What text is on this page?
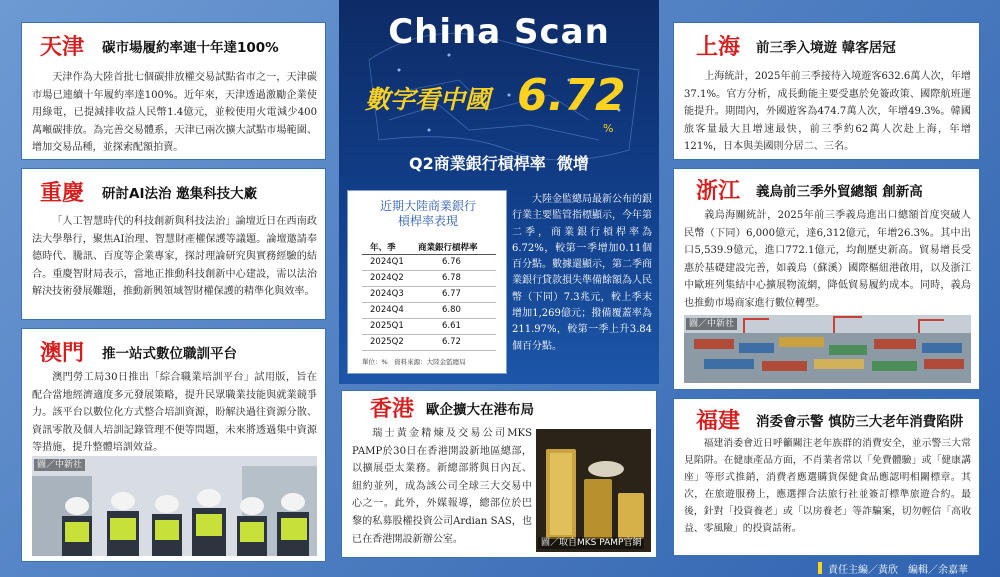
天津 碳市場履約率連十年達100%
天津作為大陸首批七個碳排放權交易試點省市之一，天津碳市場已連續十年履約率達100%。近年來，天津透過激勵企業使用綠電，已提減排收益人民幣1.4億元，並較使用火電減少400萬噸碳排放。為完善交易體系，天津已兩次擴大試點市場範圍、增加交易品種，並探索配額拍賣。
重慶 研討AI法治 邀集科技大廠
「人工智慧時代的科技創新與科技法治」論壇近日在西南政法大學舉行，聚焦AI治理、智慧財產權保護等議題。論壇邀請奉德時代、騰訊、百度等企業專家，探討理論研究與實務經驗的結合。重慶智財局表示，當地正推動科技創新中心建設，需以法治解決技術發展難題，推動新興領域智財權保護的精準化與效率。
澳門 推一站式數位職訓平台
澳門勞工局30日推出「綜合職業培訓平台」試用版，旨在配合當地經濟適度多元發展策略，提升民眾職業技能與就業競爭力。該平台以數位化方式整合培訓資源，盼解決過往資源分散、資訊零散及個人培訓記錄管理不便等問題，未來將透過集中資源等措施，提升整體培訓效益。
圖／中新社
China Scan
數字看中國 6.72
%
Q2商業銀行槓桿率  微增
大陸金監總局最新公布的銀行業主要監管指標顯示，今年第二季，商業銀行槓桿率為6.72%，較第一季增加0.11個百分點。數據還顯示，第二季商業銀行貸款損失準備餘額為人民幣（下同）7.3兆元，較上季末增加1,269億元；撥備覆蓋率為211.97%，較第一季上升3.84個百分點。
近期大陸商業銀行
槓桿率表現
年、季	商業銀行槓桿率
單位：%　資料來源：大陸金監總局
2024Q1	6.76
2024Q2	6.78
2024Q3	6.77
2024Q4	6.80
2025Q1	6.61
2025Q2	6.72
香港 歐企擴大在港布局
瑞士黃金精煉及交易公司MKS PAMP於30日在香港開設新地區總部，以擴展亞太業務。新總部將與日內瓦、紐約並列，成為該公司全球三大交易中心之一。此外，外媒報導，總部位於巴黎的私募股權投資公司Ardian SAS，也已在香港開設新辦公室。	圖／取自MKS PAMP官網
上海 前三季入境遊 韓客居冠
上海統計，2025年前三季接待入境遊客632.6萬人次，年增37.1%。官方分析，成長動能主要受惠於免簽政策、國際航班運能提升。期間內，外國遊客為474.7萬人次，年增49.3%。韓國旅客量最大且增速最快，前三季約62萬人次赴上海，年增121%，日本與美國則分居二、三名。
浙江 義烏前三季外貿總額 創新高
義烏海關統計，2025年前三季義烏進出口總額首度突破人民幣（下同）6,000億元，達6,312億元，年增26.3%。其中出口5,539.9億元，進口772.1億元，均創歷史新高。貿易增長受惠於基礎建設完善，如義烏（蘇溪）國際樞紐港啟用，以及浙江中歐班列集結中心擴展物流網，降低貿易履約成本。同時，義烏也推動市場商家進行數位轉型。
圖／中新社
福建 消委會示警 慎防三大老年消費陷阱
福建消委會近日呼籲關注老年族群的消費安全，並示警三大常見陷阱。在健康產品方面，不肖業者常以「免費體驗」或「健康講座」等形式推銷，消費者應選購貨保健食品應認明相關標章。其次，在旅遊服務上，應選擇合法旅行社並簽訂標準旅遊合約。最後，針對「投資養老」或「以房養老」等詐騙案，切勿輕信「高收益、零風險」的投資話術。
責任主編／黃欣　編輯／余嘉華
